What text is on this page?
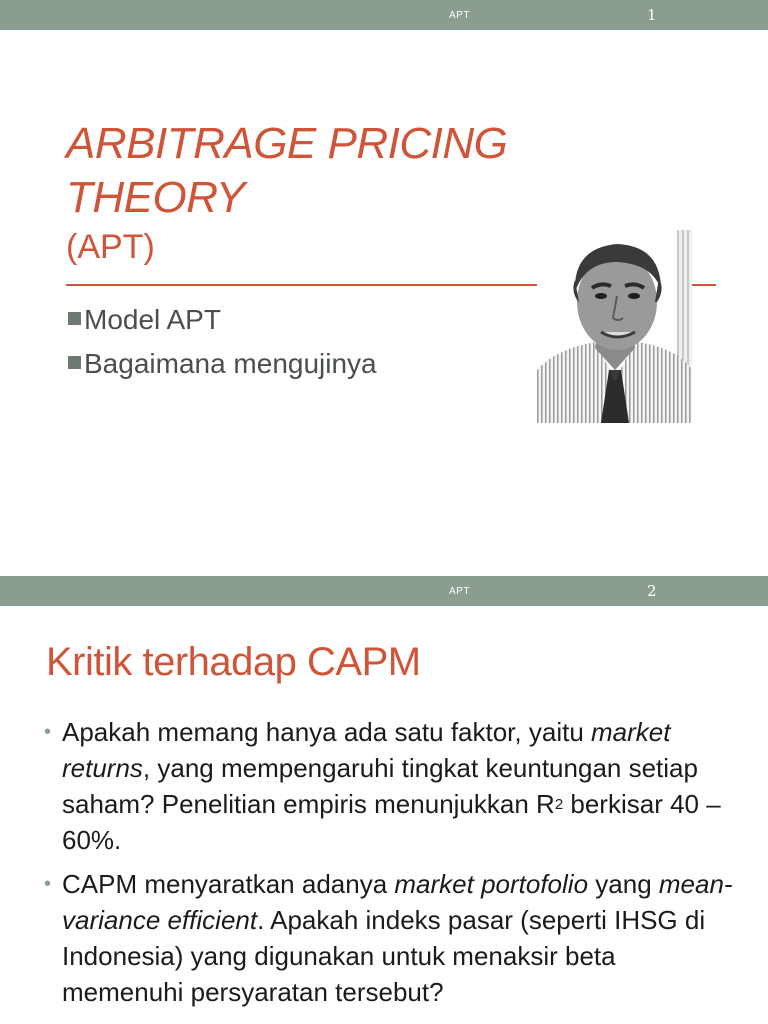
APT	1
ARBITRAGE PRICING THEORY
(APT)
Model APT
Bagaimana mengujinya
APT	2
Kritik terhadap CAPM
• Apakah memang hanya ada satu faktor, yaitu market returns, yang mempengaruhi tingkat keuntungan setiap saham? Penelitian empiris menunjukkan $R^2$ berkisar 40 – 60%.
• CAPM menyaratkan adanya market portofolio yang mean-variance efficient. Apakah indeks pasar (seperti IHSG di Indonesia) yang digunakan untuk menaksir beta memenuhi persyaratan tersebut?
